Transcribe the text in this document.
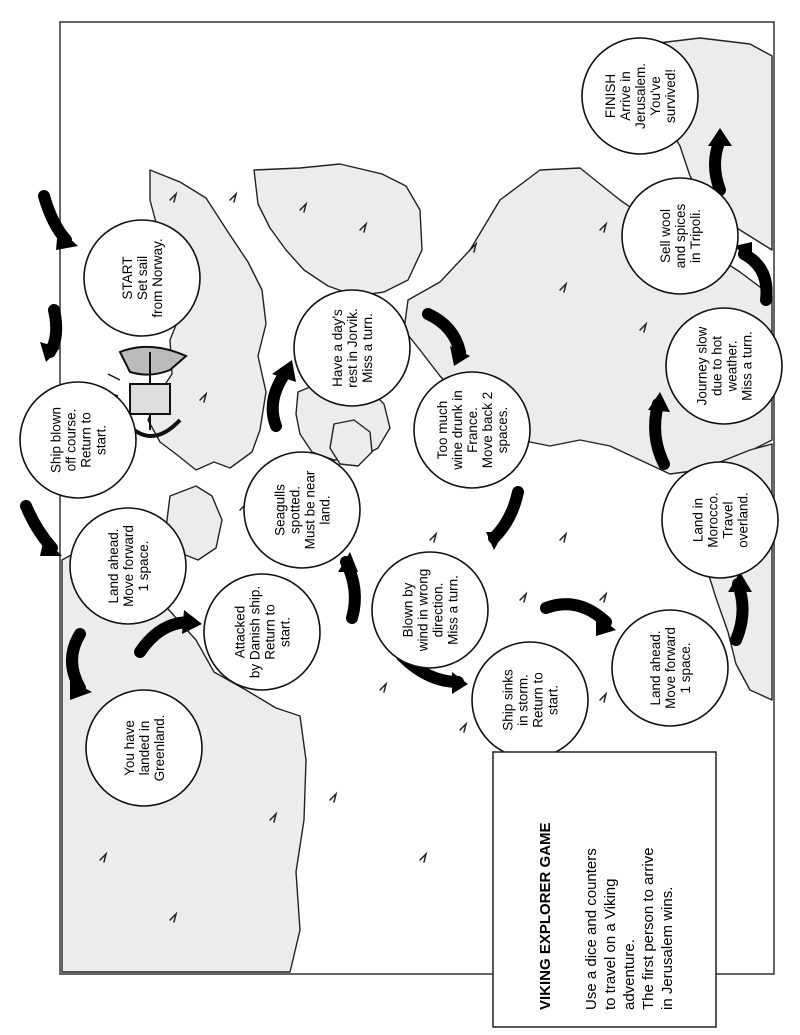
START Set sail from Norway.
Ship blown off course. Return to start.
Land ahead. Move forward 1 space.
You have landed in Greenland.
Attacked by Danish ship. Return to start.
Seagulls spotted. Must be near land.
Have a day's rest in Jorvik. Miss a turn.
Too much wine drunk in France. Move back 2 spaces.
Blown by wind in wrong direction. Miss a turn.
Ship sinks in storm. Return to start.	Land ahead. Move forward 1 space.
Land in Morocco. Travel overland.
Journey slow due to hot weather. Miss a turn.
Sell wool and spices in Tripoli.
FINISH Arrive in Jerusalem. You've survived!
VIKING EXPLORER GAME Use a dice and counters to travel on a Viking adventure. The first person to arrive in Jerusalem wins.
